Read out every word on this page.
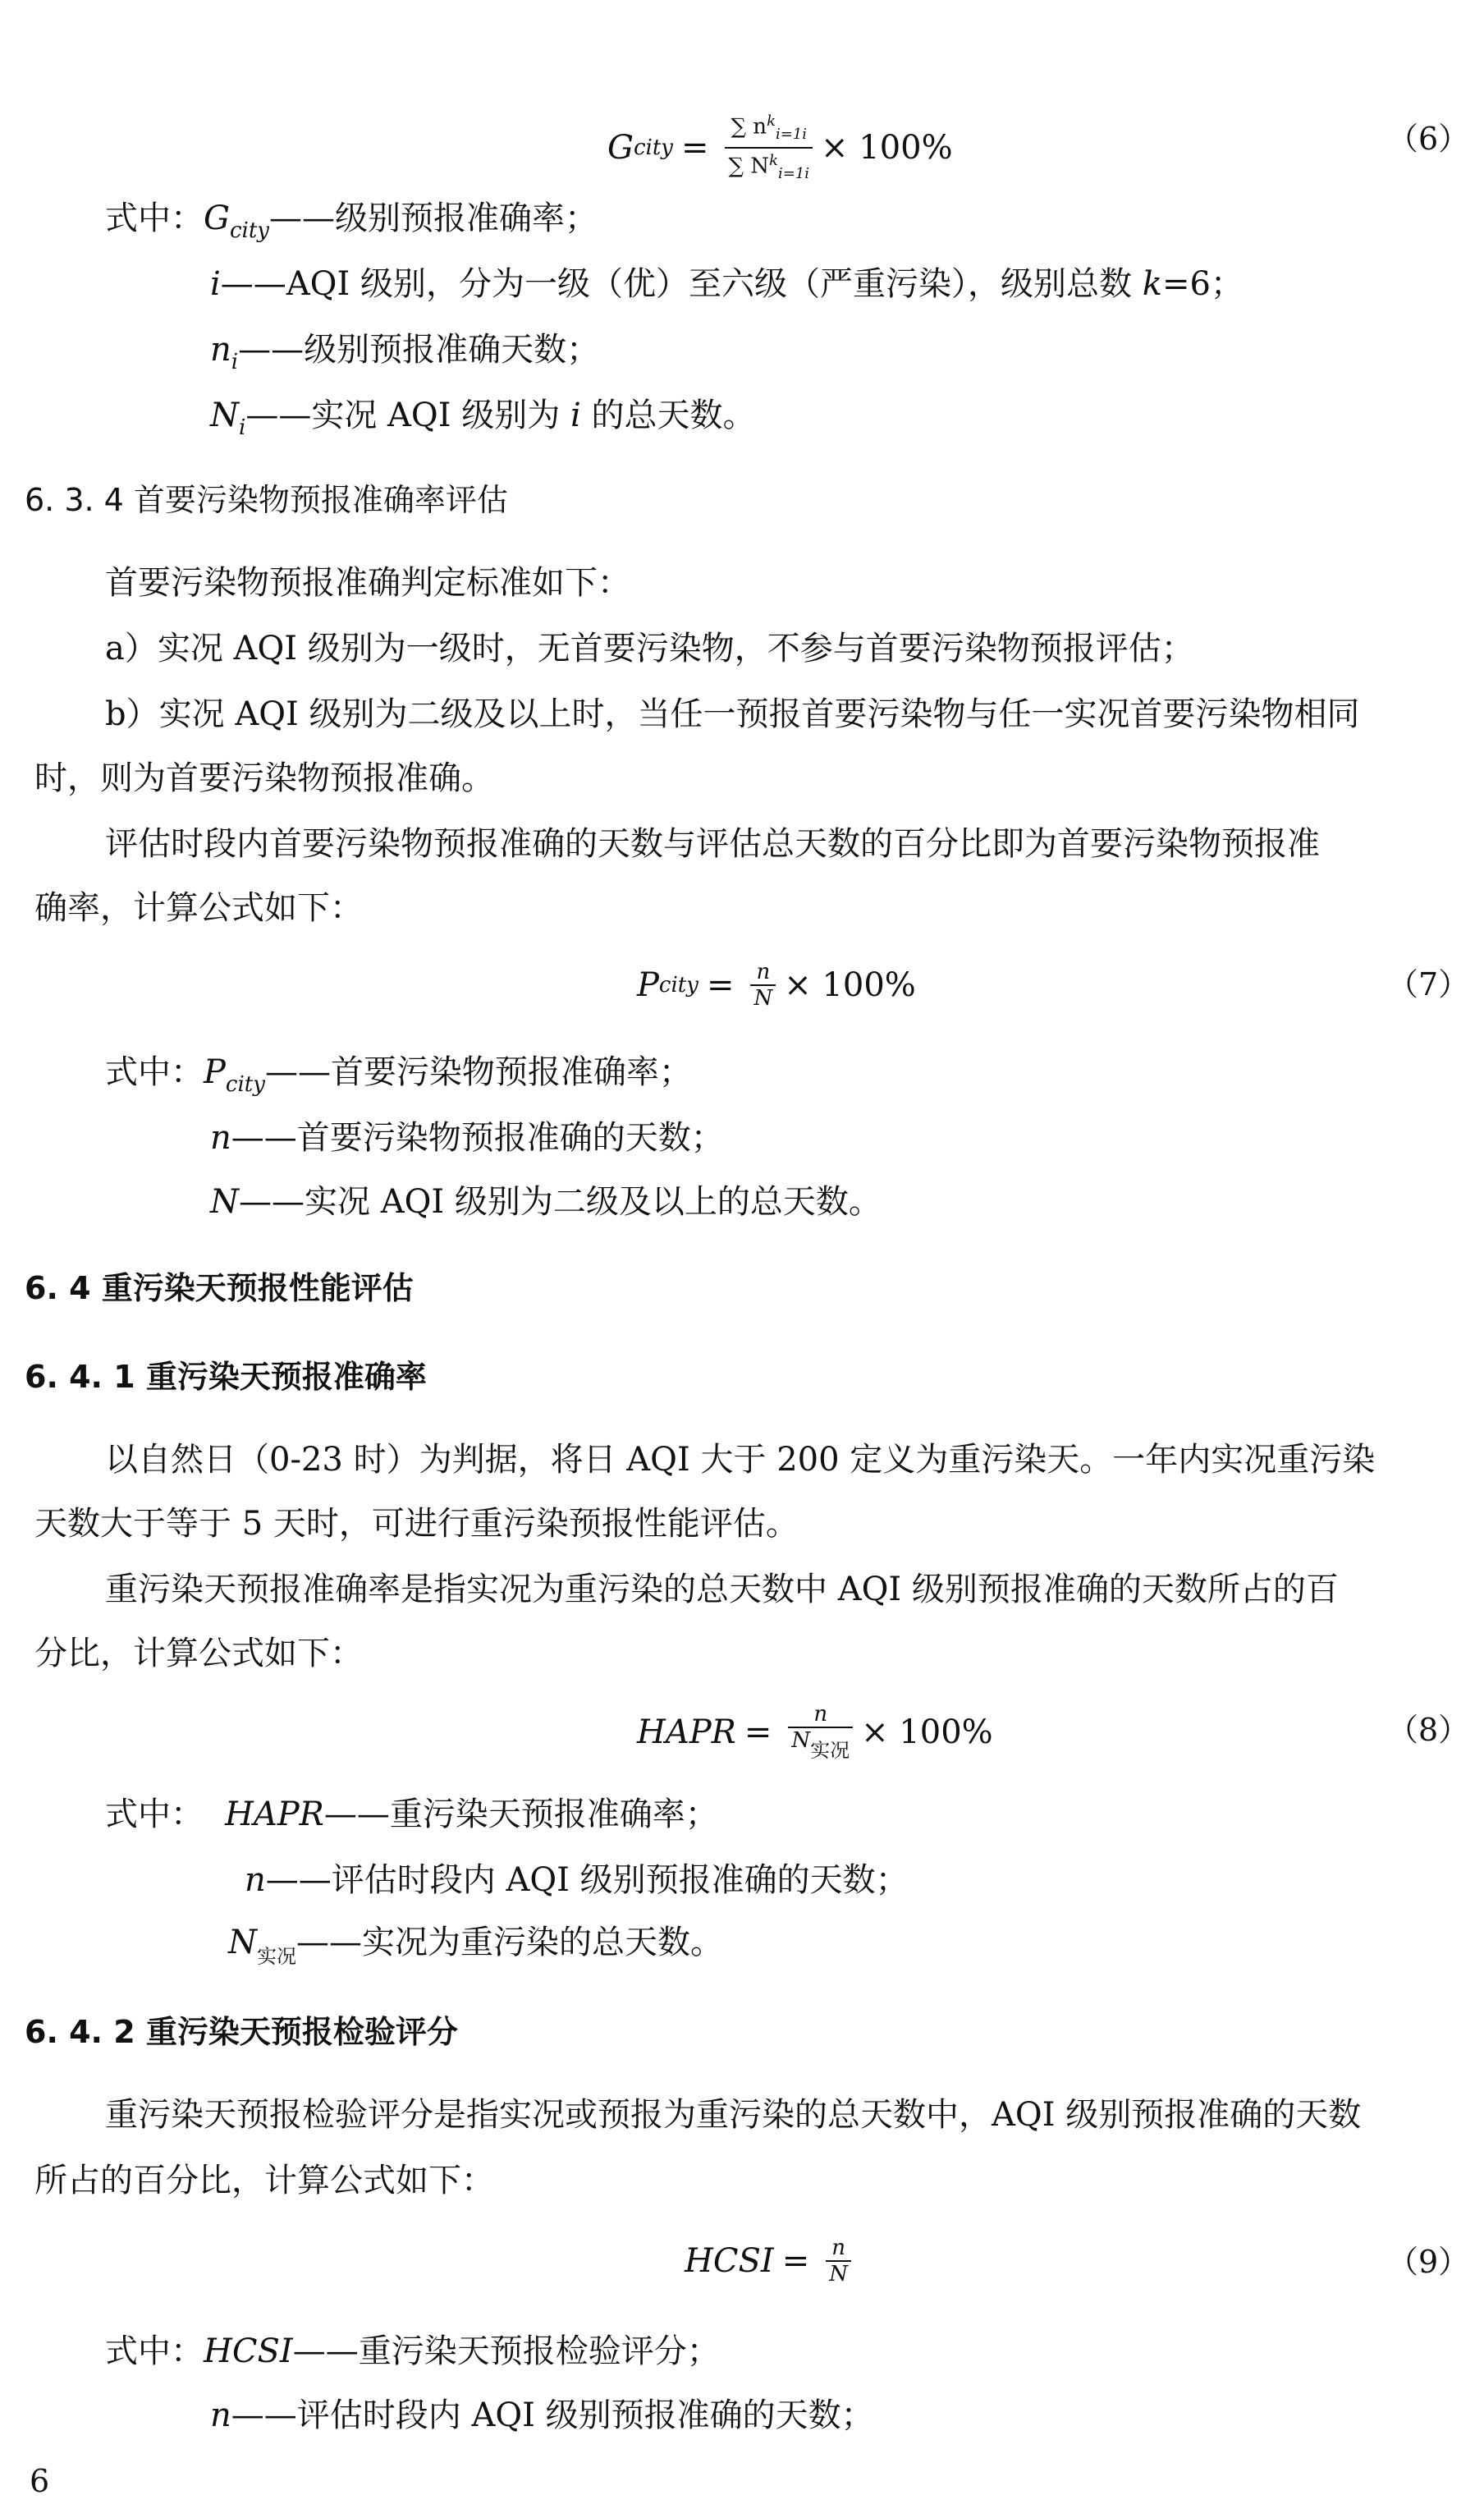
G city = $\frac{\sum n^k_{i=1i}}{\sum N^k_{i=1i}} \times 100\%$	（6）
式中：$G_{city}——$级别预报准确率；
i——AQI 级别，分为一级（优）至六级（严重污染），级别总数 k=6；
$n_i——$级别预报准确天数；
$N_i——$实况 AQI 级别为 i 的总天数。
6. 3. 4 首要污染物预报准确率评估
首要污染物预报准确判定标准如下：
a）实况 AQI 级别为一级时，无首要污染物，不参与首要污染物预报评估；
b）实况 AQI 级别为二级及以上时，当任一预报首要污染物与任一实况首要污染物相同
时，则为首要污染物预报准确。
评估时段内首要污染物预报准确的天数与评估总天数的百分比即为首要污染物预报准
确率，计算公式如下：
P city = $\frac{n}{N} \times 100\%$	（7）
式中：$P_{city}——$首要污染物预报准确率；
n——首要污染物预报准确的天数；
N——实况 AQI 级别为二级及以上的总天数。
6. 4 重污染天预报性能评估
6. 4. 1 重污染天预报准确率
以自然日（0-23 时）为判据，将日 AQI 大于 200 定义为重污染天。一年内实况重污染
天数大于等于 5 天时，可进行重污染预报性能评估。
重污染天预报准确率是指实况为重污染的总天数中 AQI 级别预报准确的天数所占的百
分比，计算公式如下：
HAPR = $\frac{n}{\text{N实况}} \times 100\%$	（8）
式中： HAPR——重污染天预报准确率；
n——评估时段内 AQI 级别预报准确的天数；
$N_{实况}——$实况为重污染的总天数。
6. 4. 2 重污染天预报检验评分
重污染天预报检验评分是指实况或预报为重污染的总天数中，AQI 级别预报准确的天数
所占的百分比，计算公式如下：
HCSI = $\frac{n}{N}$	（9）
式中：HCSI——重污染天预报检验评分；
n——评估时段内 AQI 级别预报准确的天数；
6
